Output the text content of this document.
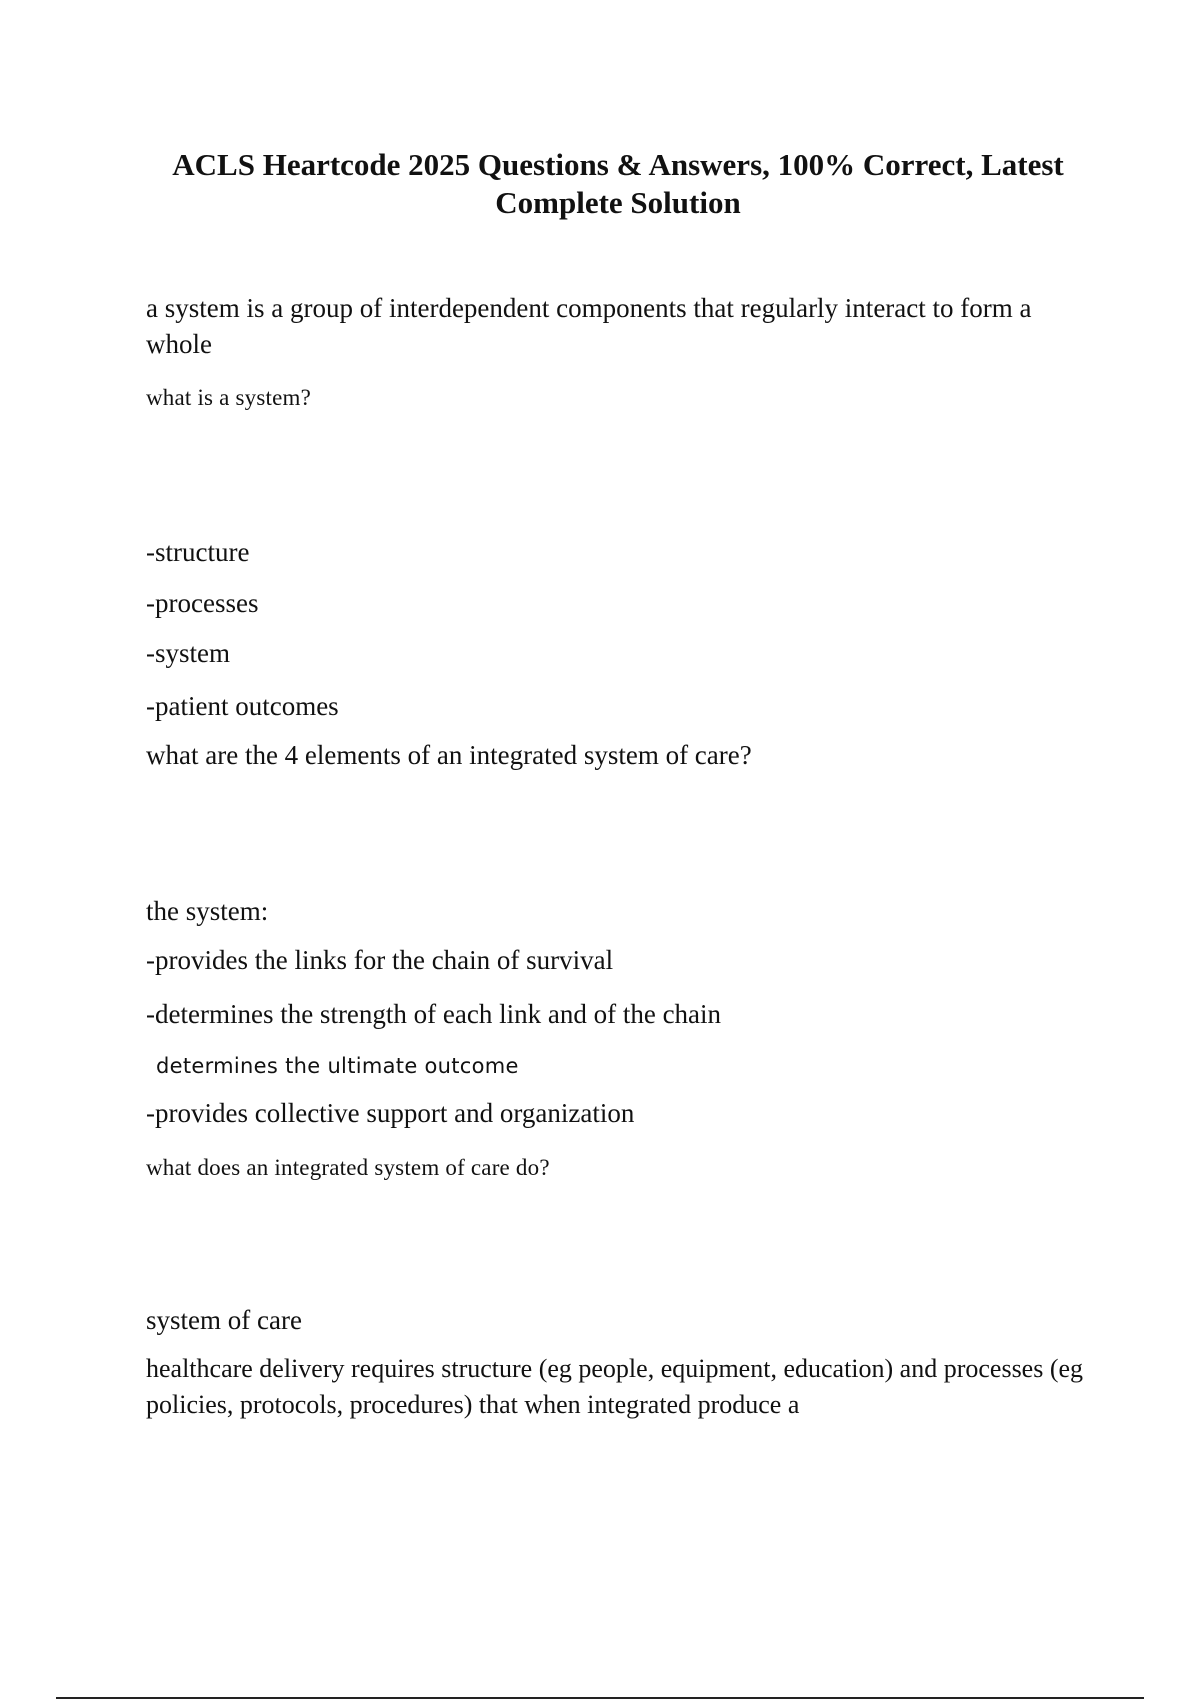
ACLS Heartcode 2025 Questions & Answers, 100% Correct, Latest Complete Solution

a system is a group of interdependent components that regularly interact to form a whole

what is a system?

-structure

-processes

-system

-patient outcomes

what are the 4 elements of an integrated system of care?

the system:

-provides the links for the chain of survival

-determines the strength of each link and of the chain

determines the ultimate outcome

-provides collective support and organization

what does an integrated system of care do?

system of care

healthcare delivery requires structure (eg people, equipment, education) and processes (eg policies, protocols, procedures) that when integrated produce a
